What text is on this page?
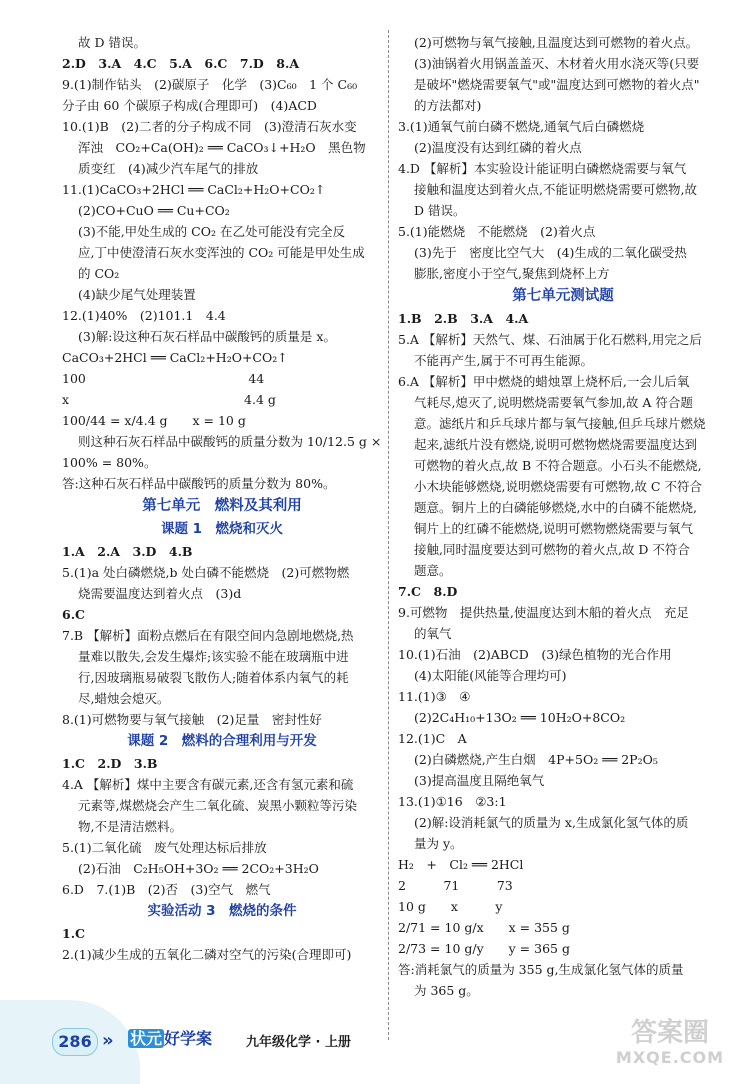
故 D 错误。
2.D　3.A　4.C　5.A　6.C　7.D　8.A
9.(1)制作钻头　(2)碳原子　化学　(3)C₆₀　1 个 C₆₀
分子由 60 个碳原子构成(合理即可)　(4)ACD
10.(1)B　(2)二者的分子构成不同　(3)澄清石灰水变
浑浊　CO₂+Ca(OH)₂ ══ CaCO₃↓+H₂O　黑色物
质变红　(4)减少汽车尾气的排放
11.(1)CaCO₃+2HCl ══ CaCl₂+H₂O+CO₂↑
(2)CO+CuO ══ Cu+CO₂
(3)不能,甲处生成的 CO₂ 在乙处可能没有完全反
应,丁中使澄清石灰水变浑浊的 CO₂ 可能是甲处生成
的 CO₂
(4)缺少尾气处理装置
12.(1)40%　(2)101.1　4.4
(3)解:设这种石灰石样品中碳酸钙的质量是 x。
CaCO₃+2HCl ══ CaCl₂+H₂O+CO₂↑
100　　　　　　　　　　　　　44
x　　　　　　　　　　　　　　4.4 g
100/44 = x/4.4 g　　x = 10 g
则这种石灰石样品中碳酸钙的质量分数为 10/12.5 g ×
100% = 80%。
答:这种石灰石样品中碳酸钙的质量分数为 80%。
第七单元　燃料及其利用
课题 1　燃烧和灭火
1.A　2.A　3.D　4.B
5.(1)a 处白磷燃烧,b 处白磷不能燃烧　(2)可燃物燃
烧需要温度达到着火点　(3)d
6.C
7.B 【解析】面粉点燃后在有限空间内急剧地燃烧,热
量难以散失,会发生爆炸;该实验不能在玻璃瓶中进
行,因玻璃瓶易破裂飞散伤人;随着体系内氧气的耗
尽,蜡烛会熄灭。
8.(1)可燃物要与氧气接触　(2)足量　密封性好
课题 2　燃料的合理利用与开发
1.C　2.D　3.B
4.A 【解析】煤中主要含有碳元素,还含有氢元素和硫
元素等,煤燃烧会产生二氧化硫、炭黑小颗粒等污染
物,不是清洁燃料。
5.(1)二氧化硫　废气处理达标后排放
(2)石油　C₂H₅OH+3O₂ ══ 2CO₂+3H₂O
6.D　7.(1)B　(2)否　(3)空气　燃气
实验活动 3　燃烧的条件
1.C
2.(1)减少生成的五氧化二磷对空气的污染(合理即可)
(2)可燃物与氧气接触,且温度达到可燃物的着火点。
(3)油锅着火用锅盖盖灭、木材着火用水浇灭等(只要
是破坏"燃烧需要氧气"或"温度达到可燃物的着火点"
的方法都对)
3.(1)通氧气前白磷不燃烧,通氧气后白磷燃烧
(2)温度没有达到红磷的着火点
4.D 【解析】本实验设计能证明白磷燃烧需要与氧气
接触和温度达到着火点,不能证明燃烧需要可燃物,故
D 错误。
5.(1)能燃烧　不能燃烧　(2)着火点
(3)先于　密度比空气大　(4)生成的二氧化碳受热
膨胀,密度小于空气,聚焦到烧杯上方
第七单元测试题
1.B　2.B　3.A　4.A
5.A 【解析】天然气、煤、石油属于化石燃料,用完之后
不能再产生,属于不可再生能源。
6.A 【解析】甲中燃烧的蜡烛罩上烧杯后,一会儿后氧
气耗尽,熄灭了,说明燃烧需要氧气参加,故 A 符合题
意。滤纸片和乒乓球片都与氧气接触,但乒乓球片燃烧
起来,滤纸片没有燃烧,说明可燃物燃烧需要温度达到
可燃物的着火点,故 B 不符合题意。小石头不能燃烧,
小木块能够燃烧,说明燃烧需要有可燃物,故 C 不符合
题意。铜片上的白磷能够燃烧,水中的白磷不能燃烧,
铜片上的红磷不能燃烧,说明可燃物燃烧需要与氧气
接触,同时温度要达到可燃物的着火点,故 D 不符合
题意。
7.C　8.D
9.可燃物　提供热量,使温度达到木船的着火点　充足
的氧气
10.(1)石油　(2)ABCD　(3)绿色植物的光合作用
(4)太阳能(风能等合理均可)
11.(1)③　④
(2)2C₄H₁₀+13O₂ ══ 10H₂O+8CO₂
12.(1)C　A
(2)白磷燃烧,产生白烟　4P+5O₂ ══ 2P₂O₅
(3)提高温度且隔绝氧气
13.(1)①16　②3:1
(2)解:设消耗氯气的质量为 x,生成氯化氢气体的质
量为 y。
H₂　+　Cl₂ ══ 2HCl
2　　　71　　　73
10 g　　x　　　y
2/71 = 10 g/x　　x = 355 g
2/73 = 10 g/y　　y = 365 g
答:消耗氯气的质量为 355 g,生成氯化氢气体的质量
为 365 g。
286 » 状元 好学案	九年级化学 · 上册	答案圈
MXQE.COM
